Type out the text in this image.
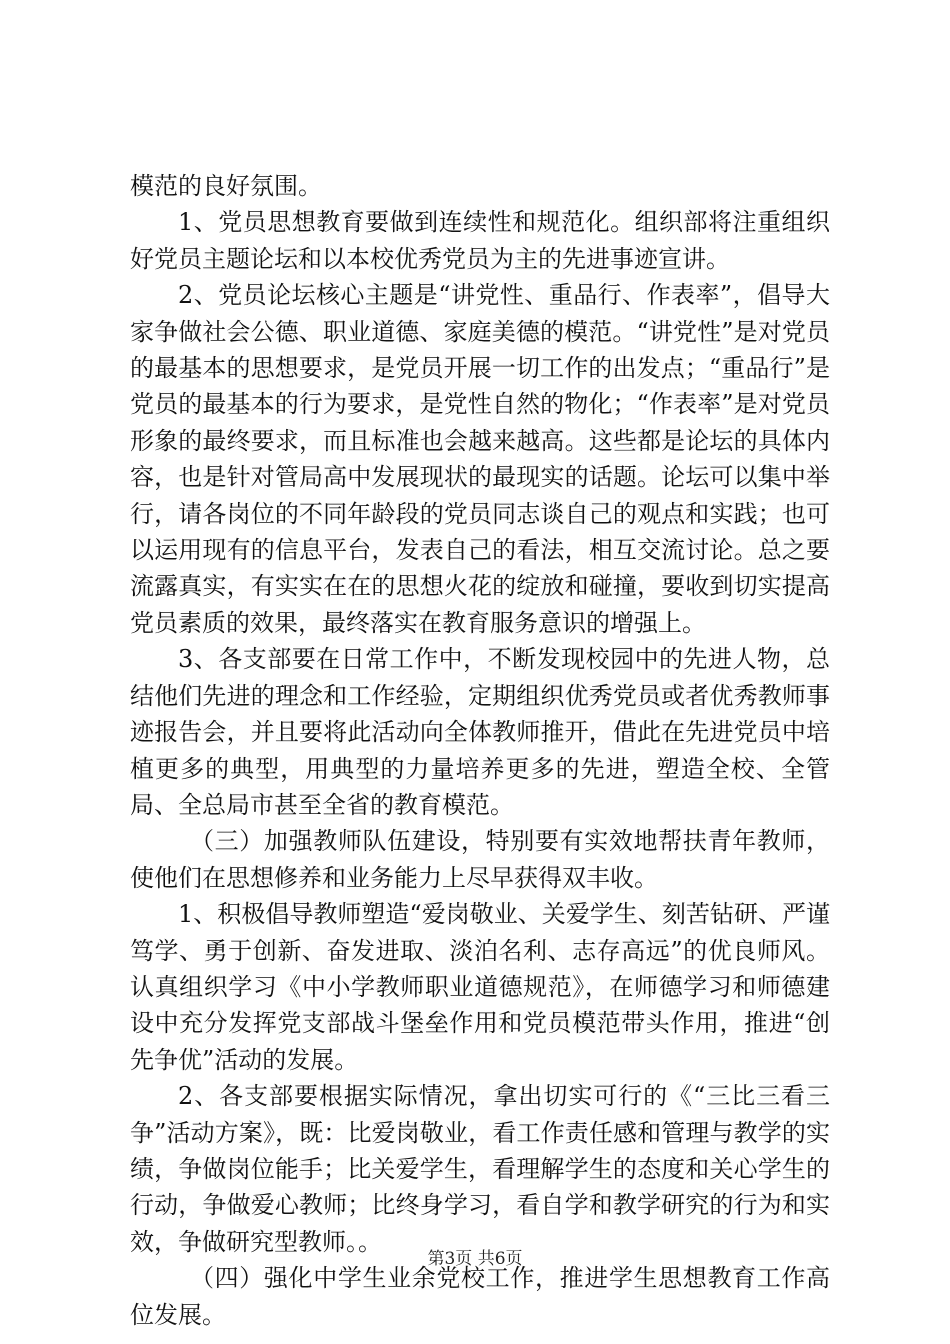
模范的良好氛围。

1、党员思想教育要做到连续性和规范化。组织部将注重组织好党员主题论坛和以本校优秀党员为主的先进事迹宣讲。

2、党员论坛核心主题是“讲党性、重品行、作表率”，倡导大家争做社会公德、职业道德、家庭美德的模范。“讲党性”是对党员的最基本的思想要求，是党员开展一切工作的出发点；“重品行”是党员的最基本的行为要求，是党性自然的物化；“作表率”是对党员形象的最终要求，而且标准也会越来越高。这些都是论坛的具体内容，也是针对管局高中发展现状的最现实的话题。论坛可以集中举行，请各岗位的不同年龄段的党员同志谈自己的观点和实践；也可以运用现有的信息平台，发表自己的看法，相互交流讨论。总之要流露真实，有实实在在的思想火花的绽放和碰撞，要收到切实提高党员素质的效果，最终落实在教育服务意识的增强上。

3、各支部要在日常工作中，不断发现校园中的先进人物，总结他们先进的理念和工作经验，定期组织优秀党员或者优秀教师事迹报告会，并且要将此活动向全体教师推开，借此在先进党员中培植更多的典型，用典型的力量培养更多的先进，塑造全校、全管局、全总局市甚至全省的教育模范。

（三）加强教师队伍建设，特别要有实效地帮扶青年教师，使他们在思想修养和业务能力上尽早获得双丰收。

1、积极倡导教师塑造“爱岗敬业、关爱学生、刻苦钻研、严谨笃学、勇于创新、奋发进取、淡泊名利、志存高远”的优良师风。认真组织学习《中小学教师职业道德规范》，在师德学习和师德建设中充分发挥党支部战斗堡垒作用和党员模范带头作用，推进“创先争优”活动的发展。

2、各支部要根据实际情况，拿出切实可行的《“三比三看三争”活动方案》，既：比爱岗敬业，看工作责任感和管理与教学的实绩，争做岗位能手；比关爱学生，看理解学生的态度和关心学生的行动，争做爱心教师；比终身学习，看自学和教学研究的行为和实效，争做研究型教师。。

（四）强化中学生业余党校工作，推进学生思想教育工作高位发展。

第3页 共6页
